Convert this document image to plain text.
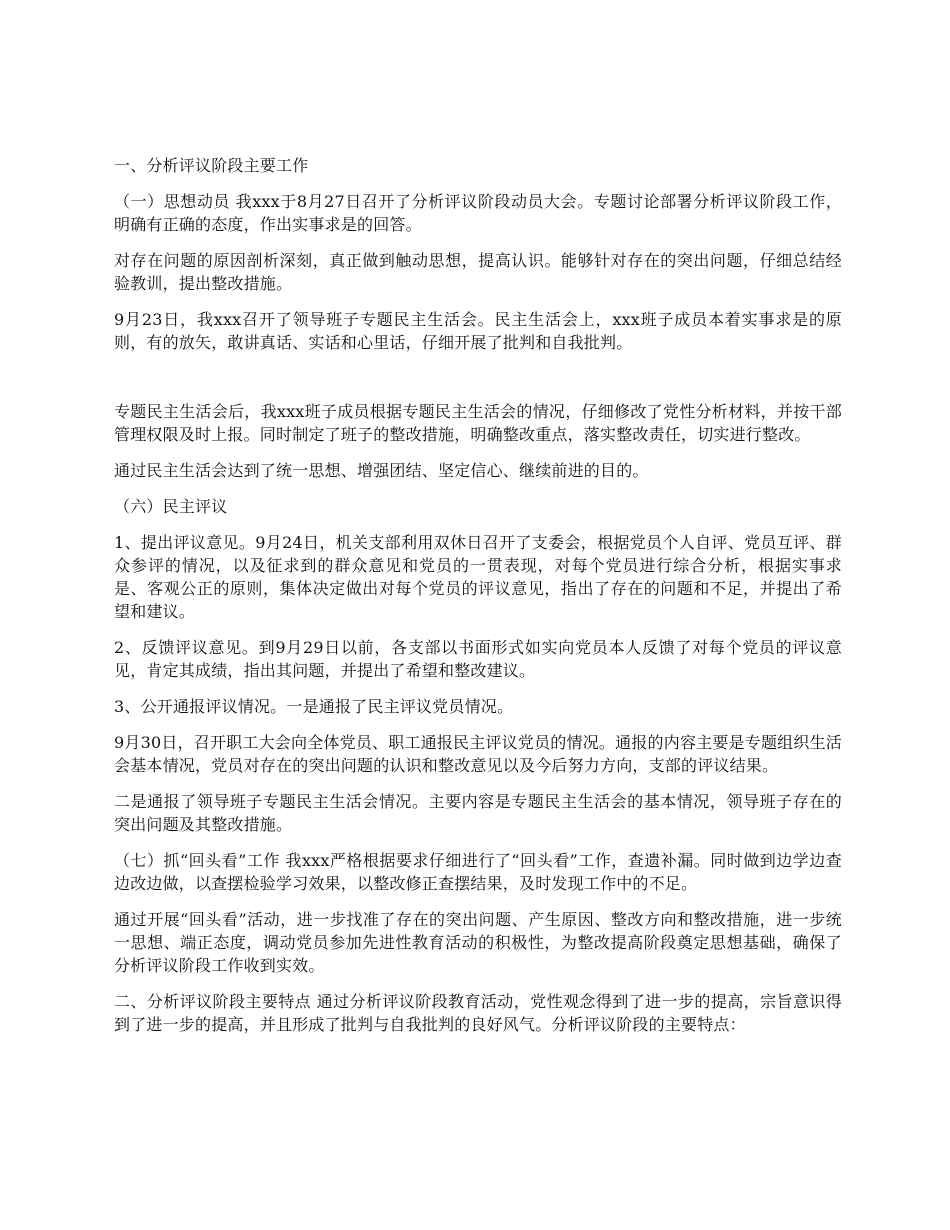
一、分析评议阶段主要工作

（一）思想动员 我xxx于8月27日召开了分析评议阶段动员大会。专题讨论部署分析评议阶段工作，明确有正确的态度，作出实事求是的回答。

对存在问题的原因剖析深刻，真正做到触动思想，提高认识。能够针对存在的突出问题，仔细总结经验教训，提出整改措施。

9月23日，我xxx召开了领导班子专题民主生活会。民主生活会上，xxx班子成员本着实事求是的原则，有的放矢，敢讲真话、实话和心里话，仔细开展了批判和自我批判。

专题民主生活会后，我xxx班子成员根据专题民主生活会的情况，仔细修改了党性分析材料，并按干部管理权限及时上报。同时制定了班子的整改措施，明确整改重点，落实整改责任，切实进行整改。

通过民主生活会达到了统一思想、增强团结、坚定信心、继续前进的目的。

（六）民主评议

1、提出评议意见。9月24日，机关支部利用双休日召开了支委会，根据党员个人自评、党员互评、群众参评的情况，以及征求到的群众意见和党员的一贯表现，对每个党员进行综合分析，根据实事求是、客观公正的原则，集体决定做出对每个党员的评议意见，指出了存在的问题和不足，并提出了希望和建议。

2、反馈评议意见。到9月29日以前，各支部以书面形式如实向党员本人反馈了对每个党员的评议意见，肯定其成绩，指出其问题，并提出了希望和整改建议。

3、公开通报评议情况。一是通报了民主评议党员情况。

9月30日，召开职工大会向全体党员、职工通报民主评议党员的情况。通报的内容主要是专题组织生活会基本情况，党员对存在的突出问题的认识和整改意见以及今后努力方向，支部的评议结果。

二是通报了领导班子专题民主生活会情况。主要内容是专题民主生活会的基本情况，领导班子存在的突出问题及其整改措施。

（七）抓“回头看”工作 我xxx严格根据要求仔细进行了“回头看”工作，查遗补漏。同时做到边学边查边改边做，以查摆检验学习效果，以整改修正查摆结果，及时发现工作中的不足。

通过开展“回头看”活动，进一步找准了存在的突出问题、产生原因、整改方向和整改措施，进一步统一思想、端正态度，调动党员参加先进性教育活动的积极性，为整改提高阶段奠定思想基础，确保了分析评议阶段工作收到实效。

二、分析评议阶段主要特点 通过分析评议阶段教育活动，党性观念得到了进一步的提高，宗旨意识得到了进一步的提高，并且形成了批判与自我批判的良好风气。分析评议阶段的主要特点：
